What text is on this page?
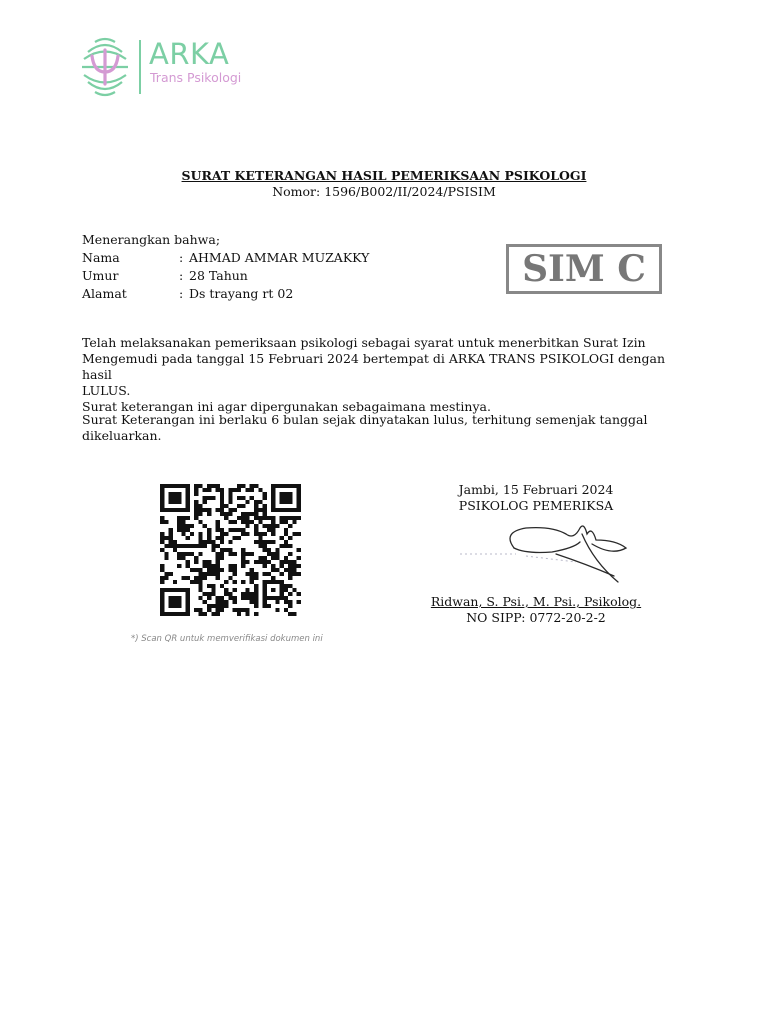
ARKA
Trans Psikologi
SURAT KETERANGAN HASIL PEMERIKSAAN PSIKOLOGI
Nomor: 1596/B002/II/2024/PSISIM
Menerangkan bahwa;
Nama	: AHMAD AMMAR MUZAKKY
Umur	: 28 Tahun
Alamat	: Ds trayang rt 02
SIM C
Telah melaksanakan pemeriksaan psikologi sebagai syarat untuk menerbitkan Surat Izin
Mengemudi pada tanggal 15 Februari 2024 bertempat di ARKA TRANS PSIKOLOGI dengan hasil
LULUS.
Surat keterangan ini agar dipergunakan sebagaimana mestinya.
Surat Keterangan ini berlaku 6 bulan sejak dinyatakan lulus, terhitung semenjak tanggal
dikeluarkan.
*) Scan QR untuk memverifikasi dokumen ini
Jambi, 15 Februari 2024
PSIKOLOG PEMERIKSA
Ridwan, S. Psi., M. Psi., Psikolog.
NO SIPP: 0772-20-2-2
